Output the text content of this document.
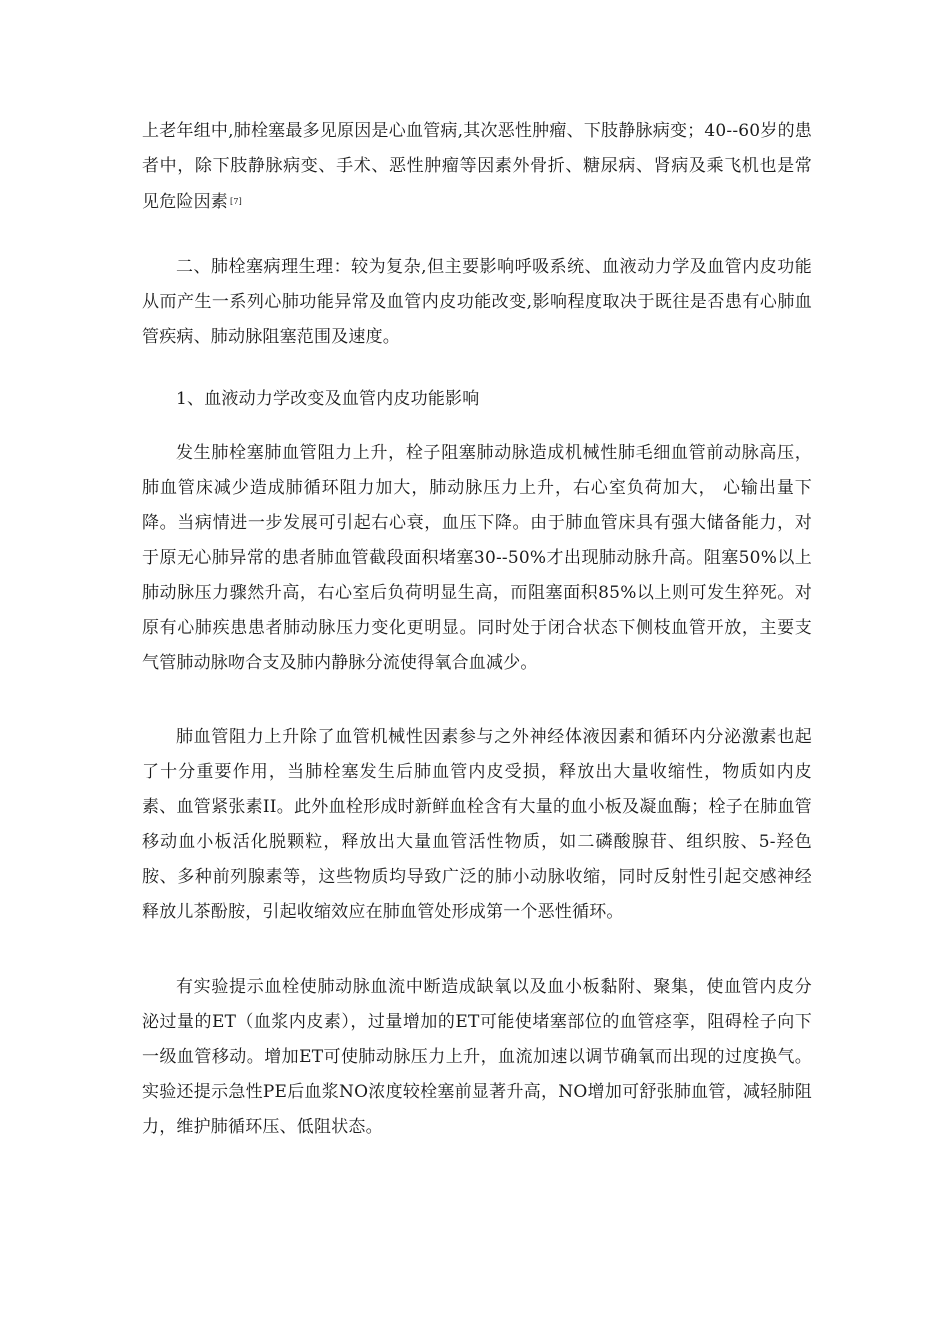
上老年组中,肺栓塞最多见原因是心血管病,其次恶性肿瘤、下肢静脉病变；40--60岁的患者中，除下肢静脉病变、手术、恶性肿瘤等因素外骨折、糖尿病、肾病及乘飞机也是常见危险因素 [7]

二、肺栓塞病理生理：较为复杂,但主要影响呼吸系统、血液动力学及血管内皮功能从而产生一系列心肺功能异常及血管内皮功能改变,影响程度取决于既往是否患有心肺血管疾病、肺动脉阻塞范围及速度。

1、血液动力学改变及血管内皮功能影响

发生肺栓塞肺血管阻力上升，栓子阻塞肺动脉造成机械性肺毛细血管前动脉高压，肺血管床减少造成肺循环阻力加大，肺动脉压力上升，右心室负荷加大， 心输出量下降。当病情进一步发展可引起右心衰，血压下降。由于肺血管床具有强大储备能力，对于原无心肺异常的患者肺血管截段面积堵塞30--50%才出现肺动脉升高。阻塞50%以上肺动脉压力骤然升高，右心室后负荷明显生高，而阻塞面积85%以上则可发生猝死。对原有心肺疾患患者肺动脉压力变化更明显。同时处于闭合状态下侧枝血管开放，主要支气管肺动脉吻合支及肺内静脉分流使得氧合血减少。

肺血管阻力上升除了血管机械性因素参与之外神经体液因素和循环内分泌激素也起了十分重要作用，当肺栓塞发生后肺血管内皮受损，释放出大量收缩性，物质如内皮素、血管紧张素II。此外血栓形成时新鲜血栓含有大量的血小板及凝血酶；栓子在肺血管移动血小板活化脱颗粒，释放出大量血管活性物质，如二磷酸腺苷、组织胺、5-羟色胺、多种前列腺素等，这些物质均导致广泛的肺小动脉收缩，同时反射性引起交感神经释放儿茶酚胺，引起收缩效应在肺血管处形成第一个恶性循环。

有实验提示血栓使肺动脉血流中断造成缺氧以及血小板黏附、聚集，使血管内皮分泌过量的ET（血浆内皮素），过量增加的ET可能使堵塞部位的血管痉挛，阻碍栓子向下一级血管移动。增加ET可使肺动脉压力上升，血流加速以调节确氧而出现的过度换气。实验还提示急性PE后血浆NO浓度较栓塞前显著升高，NO增加可舒张肺血管，减轻肺阻力，维护肺循环压、低阻状态。
